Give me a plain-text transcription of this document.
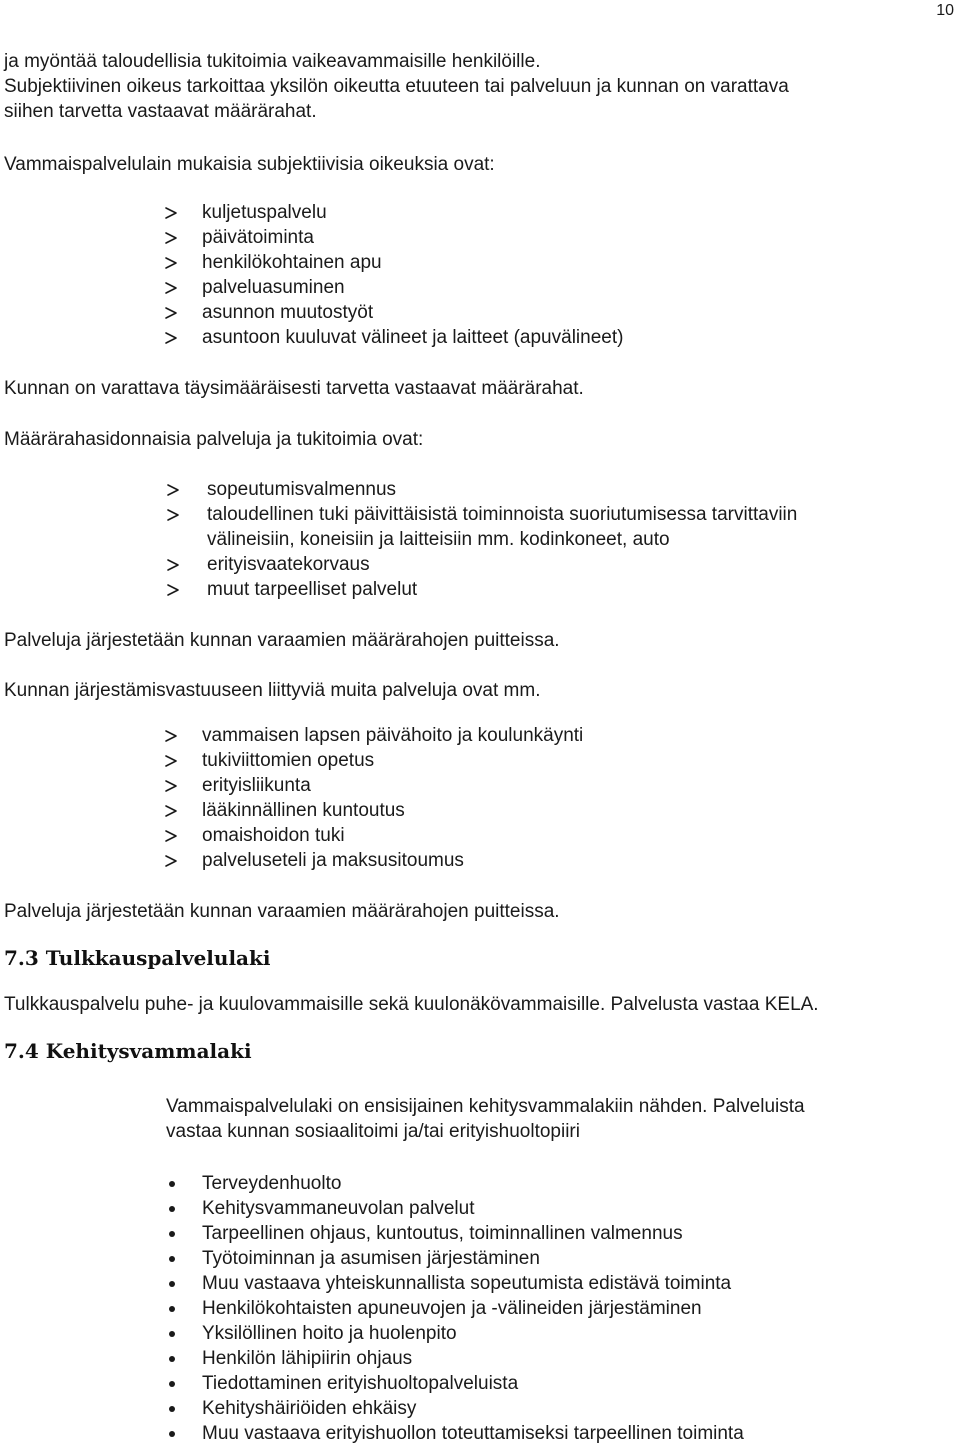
10
ja myöntää taloudellisia tukitoimia vaikeavammaisille henkilöille.
Subjektiivinen oikeus tarkoittaa yksilön oikeutta etuuteen tai palveluun ja kunnan on varattava
siihen tarvetta vastaavat määrärahat.
Vammaispalvelulain mukaisia subjektiivisia oikeuksia ovat:
kuljetuspalvelu
päivätoiminta
henkilökohtainen apu
palveluasuminen
asunnon muutostyöt
asuntoon kuuluvat välineet ja laitteet (apuvälineet)
Kunnan on varattava täysimääräisesti tarvetta vastaavat määrärahat.
Määrärahasidonnaisia palveluja ja tukitoimia ovat:
sopeutumisvalmennus
taloudellinen tuki päivittäisistä toiminnoista suoriutumisessa tarvittaviin
välineisiin, koneisiin ja laitteisiin mm. kodinkoneet, auto
erityisvaatekorvaus
muut tarpeelliset palvelut
Palveluja järjestetään kunnan varaamien määrärahojen puitteissa.
Kunnan järjestämisvastuuseen liittyviä muita palveluja ovat mm.
vammaisen lapsen päivähoito ja koulunkäynti
tukiviittomien opetus
erityisliikunta
lääkinnällinen kuntoutus
omaishoidon tuki
palveluseteli ja maksusitoumus
Palveluja järjestetään kunnan varaamien määrärahojen puitteissa.
7.3 Tulkkauspalvelulaki
Tulkkauspalvelu puhe- ja kuulovammaisille sekä kuulonäkövammaisille. Palvelusta vastaa KELA.
7.4 Kehitysvammalaki
Vammaispalvelulaki on ensisijainen kehitysvammalakiin nähden. Palveluista
vastaa kunnan sosiaalitoimi ja/tai erityishuoltopiiri
Terveydenhuolto
Kehitysvammaneuvolan palvelut
Tarpeellinen ohjaus, kuntoutus, toiminnallinen valmennus
Työtoiminnan ja asumisen järjestäminen
Muu vastaava yhteiskunnallista sopeutumista edistävä toiminta
Henkilökohtaisten apuneuvojen ja -välineiden järjestäminen
Yksilöllinen hoito ja huolenpito
Henkilön lähipiirin ohjaus
Tiedottaminen erityishuoltopalveluista
Kehityshäiriöiden ehkäisy
Muu vastaava erityishuollon toteuttamiseksi tarpeellinen toiminta
